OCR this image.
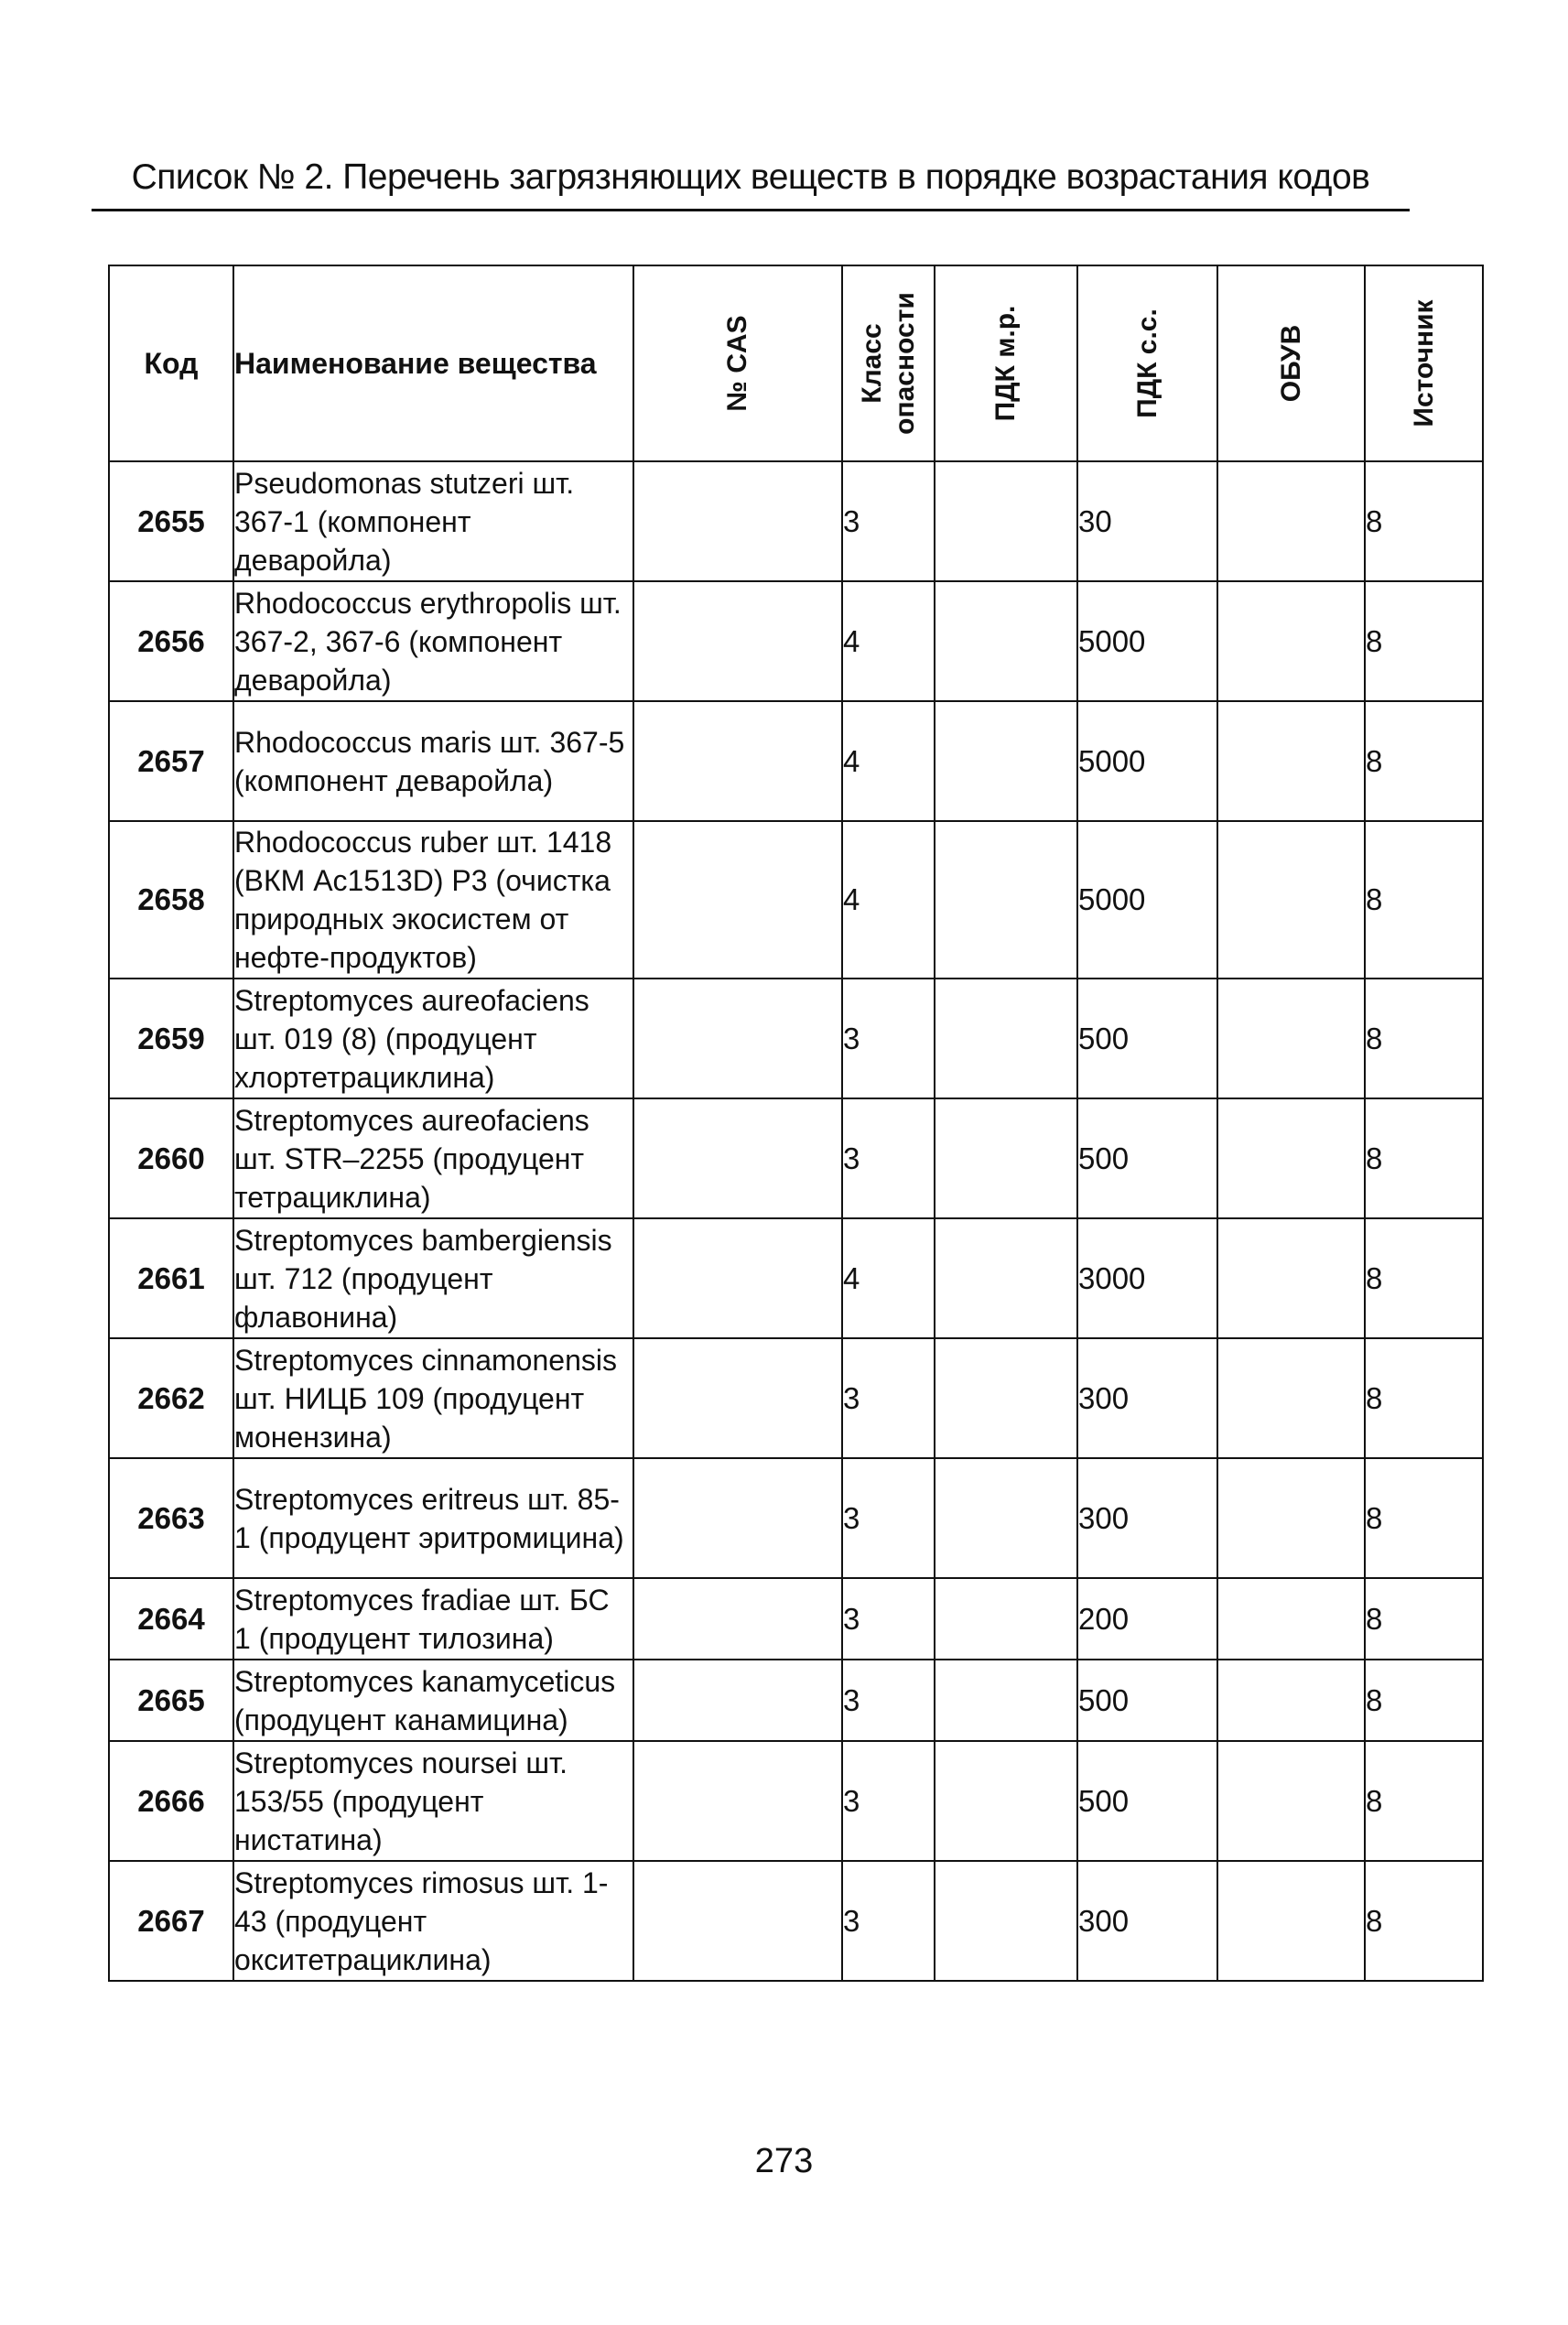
Список № 2. Перечень загрязняющих веществ в порядке возрастания кодов
Код	Наименование вещества	№ CAS	Класс опасности	ПДК м.р.	ПДК с.с.	ОБУВ	Источник

2655	Pseudomonas stutzeri шт. 367-1 (компонент деваройла)		3		30		8
2656	Rhodococcus erythropolis шт. 367-2, 367-6 (компонент деваройла)		4		5000		8
2657	Rhodococcus maris шт. 367-5 (компонент деваройла)		4		5000		8
2658	Rhodococcus ruber шт. 1418 (ВКМ Ac1513D) Р3 (очистка природных экосистем от нефте-продуктов)		4		5000		8
2659	Streptomyces aureofaciens шт. 019 (8) (продуцент хлортетрациклина)		3		500		8
2660	Streptomyces aureofaciens шт. STR–2255 (продуцент тетрациклина)		3		500		8
2661	Streptomyces bambergiensis шт. 712 (продуцент флавонина)		4		3000		8
2662	Streptomyces cinnamonensis шт. НИЦБ 109 (продуцент монензина)		3		300		8
2663	Streptomyces eritreus шт. 85-1 (продуцент эритромицина)		3		300		8
2664	Streptomyces fradiae шт. БС 1 (продуцент тилозина)		3		200		8
2665	Streptomyces kanamyceticus (продуцент канамицина)		3		500		8
2666	Streptomyces noursei шт. 153/55 (продуцент нистатина)		3		500		8
2667	Streptomyces rimosus шт. 1-43 (продуцент окситетрациклина)		3		300		8
273
